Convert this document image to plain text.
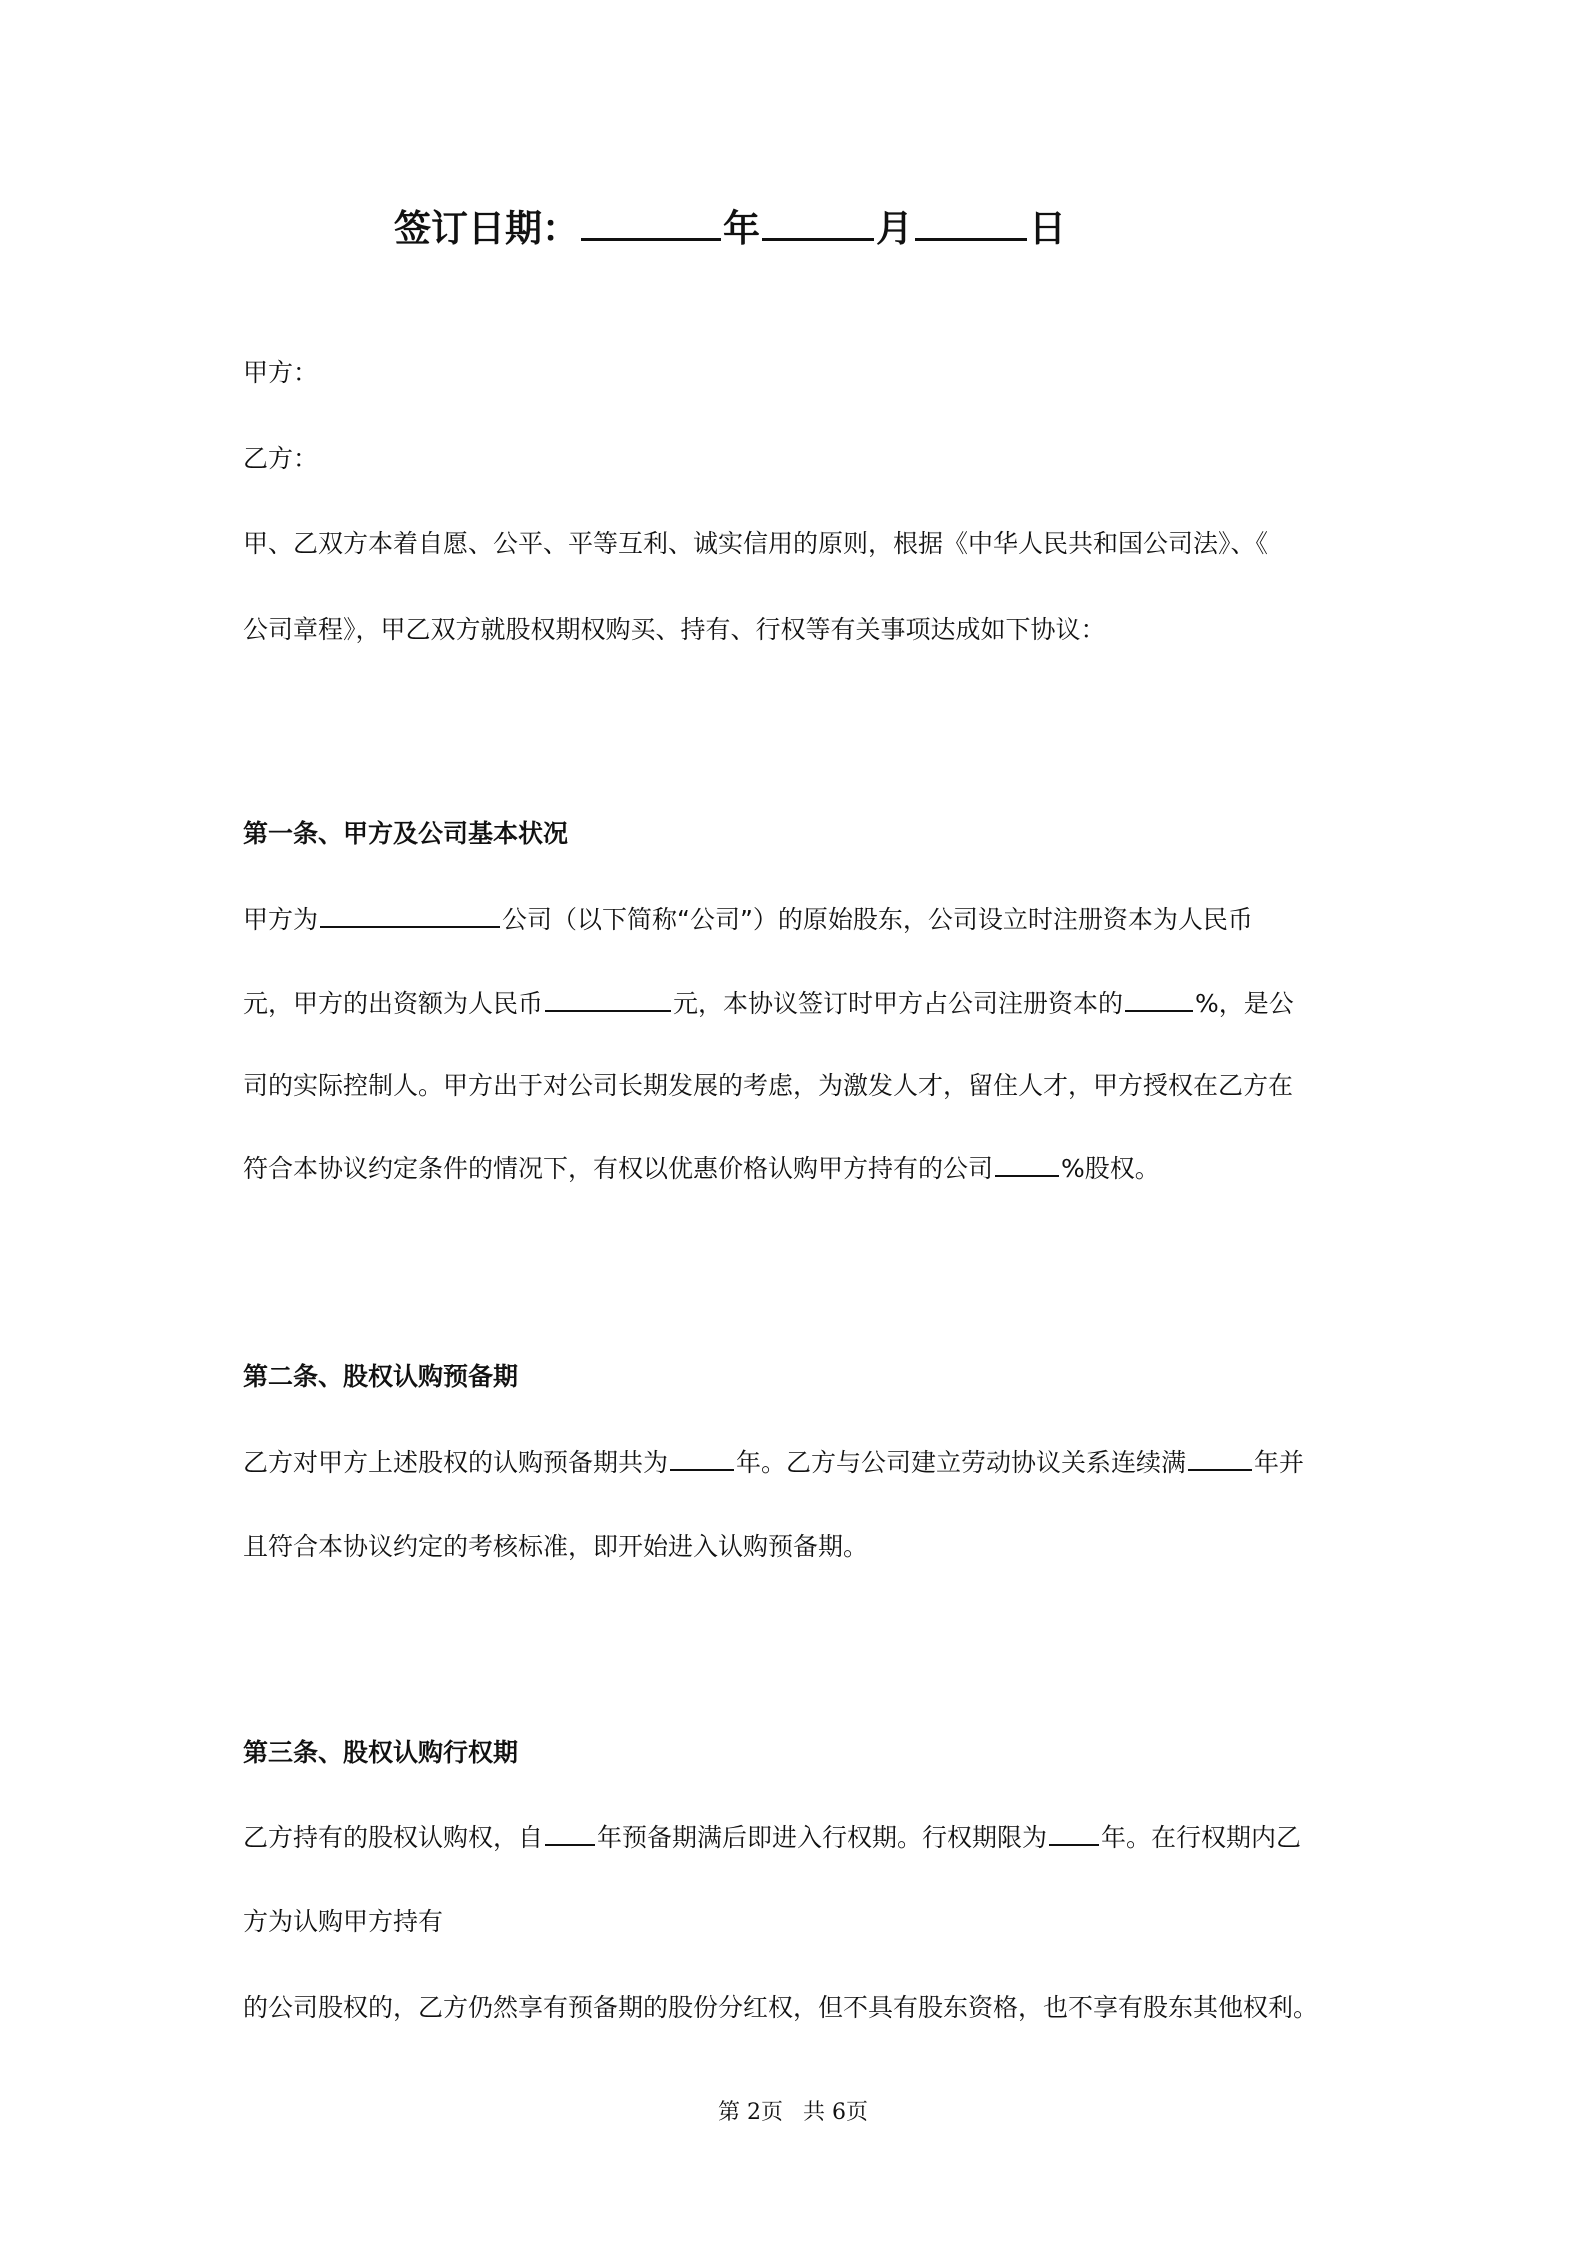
签订日期：	年	月	日
甲方：
乙方：
甲、乙双方本着自愿、公平、平等互利、诚实信用的原则，根据《中华人民共和国公司法》、《
公司章程》，甲乙双方就股权期权购买、持有、行权等有关事项达成如下协议：
第一条、甲方及公司基本状况
甲方为	公司（以下简称“公司”）的原始股东，公司设立时注册资本为人民币
元，甲方的出资额为人民币	元，本协议签订时甲方占公司注册资本的	%，是公
司的实际控制人。甲方出于对公司长期发展的考虑，为激发人才，留住人才，甲方授权在乙方在
符合本协议约定条件的情况下，有权以优惠价格认购甲方持有的公司	%股权。
第二条、股权认购预备期
乙方对甲方上述股权的认购预备期共为	年。乙方与公司建立劳动协议关系连续满	年并
且符合本协议约定的考核标准，即开始进入认购预备期。
第三条、股权认购行权期
乙方持有的股权认购权，自 年预备期满后即进入行权期。行权期限为 年。在行权期内乙
方为认购甲方持有
的公司股权的，乙方仍然享有预备期的股份分红权，但不具有股东资格，也不享有股东其他权利。
第 2页 共 6页
